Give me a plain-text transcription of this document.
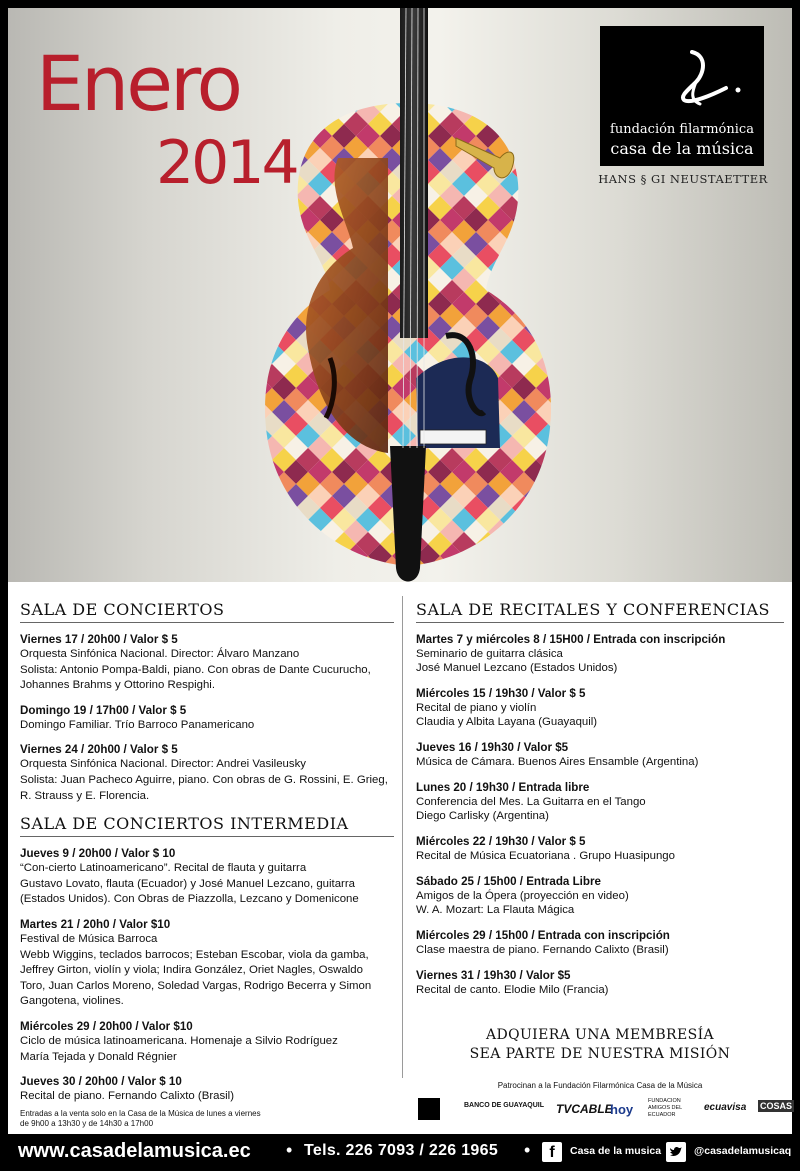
Enero
2014	fundación filarmónica
casa de la música
HANS § GI NEUSTAETTER
SALA DE CONCIERTOS
Viernes 17 / 20h00 / Valor $ 5
Orquesta Sinfónica Nacional. Director: Álvaro Manzano
Solista: Antonio Pompa-Baldi, piano. Con obras de Dante Cucurucho,
Johannes Brahms y Ottorino Respighi.
Domingo 19 / 17h00 / Valor $ 5
Domingo Familiar. Trío Barroco Panamericano
Viernes 24 / 20h00 / Valor $ 5
Orquesta Sinfónica Nacional. Director: Andrei Vasileusky
Solista: Juan Pacheco Aguirre, piano. Con obras de G. Rossini, E. Grieg,
R. Strauss y E. Florencia.
SALA DE CONCIERTOS INTERMEDIA
Jueves 9 / 20h00 / Valor $ 10
“Con-cierto Latinoamericano”. Recital de flauta y guitarra
Gustavo Lovato, flauta (Ecuador) y José Manuel Lezcano, guitarra
(Estados Unidos). Con Obras de Piazzolla, Lezcano y Domenicone
Martes 21 / 20h0 / Valor $10
Festival de Música Barroca
Webb Wiggins, teclados barrocos; Esteban Escobar, viola da gamba,
Jeffrey Girton, violín y viola; Indira González, Oriet Nagles, Oswaldo
Toro, Juan Carlos Moreno, Soledad Vargas, Rodrigo Becerra y Simon
Gangotena, violines.
Miércoles 29 / 20h00 / Valor $10
Ciclo de música latinoamericana. Homenaje a Silvio Rodríguez
María Tejada y Donald Régnier
Jueves 30 / 20h00 / Valor $ 10
Recital de piano. Fernando Calixto (Brasil)
SALA DE RECITALES Y CONFERENCIAS
Martes 7 y miércoles 8 / 15H00 / Entrada con inscripción
Seminario de guitarra clásica
José Manuel Lezcano (Estados Unidos)
Miércoles 15 / 19h30 / Valor $ 5
Recital de piano y violín
Claudia y Albita Layana (Guayaquil)
Jueves 16 / 19h30 / Valor $5
Música de Cámara. Buenos Aires Ensamble (Argentina)
Lunes 20 / 19h30 / Entrada libre
Conferencia del Mes. La Guitarra en el Tango
Diego Carlisky (Argentina)
Miércoles 22 / 19h30 / Valor $ 5
Recital de Música Ecuatoriana . Grupo Huasipungo
Sábado 25 / 15h00 / Entrada Libre
Amigos de la Ópera (proyección en video)
W. A. Mozart: La Flauta Mágica
Miércoles 29 / 15h00 / Entrada con inscripción
Clase maestra de piano. Fernando Calixto (Brasil)
Viernes 31 / 19h30 / Valor $5
Recital de canto. Elodie Milo (Francia)
Entradas a la venta solo en la Casa de la Música de lunes a viernes
de 9h00 a 13h30 y de 14h30 a 17h00
ADQUIERA UNA MEMBRESÍA
SEA PARTE DE NUESTRA MISIÓN
Patrocinan a la Fundación Filarmónica Casa de la Música
BANCO DE GUAYAQUIL TVCABLE
hoy
FUNDACION AMIGOS DEL ECUADOR
ecuavisa COSAS
www.casadelamusica.ec • Tels. 226 7093 / 226 1965 •	f	Casa de la musica	@casadelamusicaq
